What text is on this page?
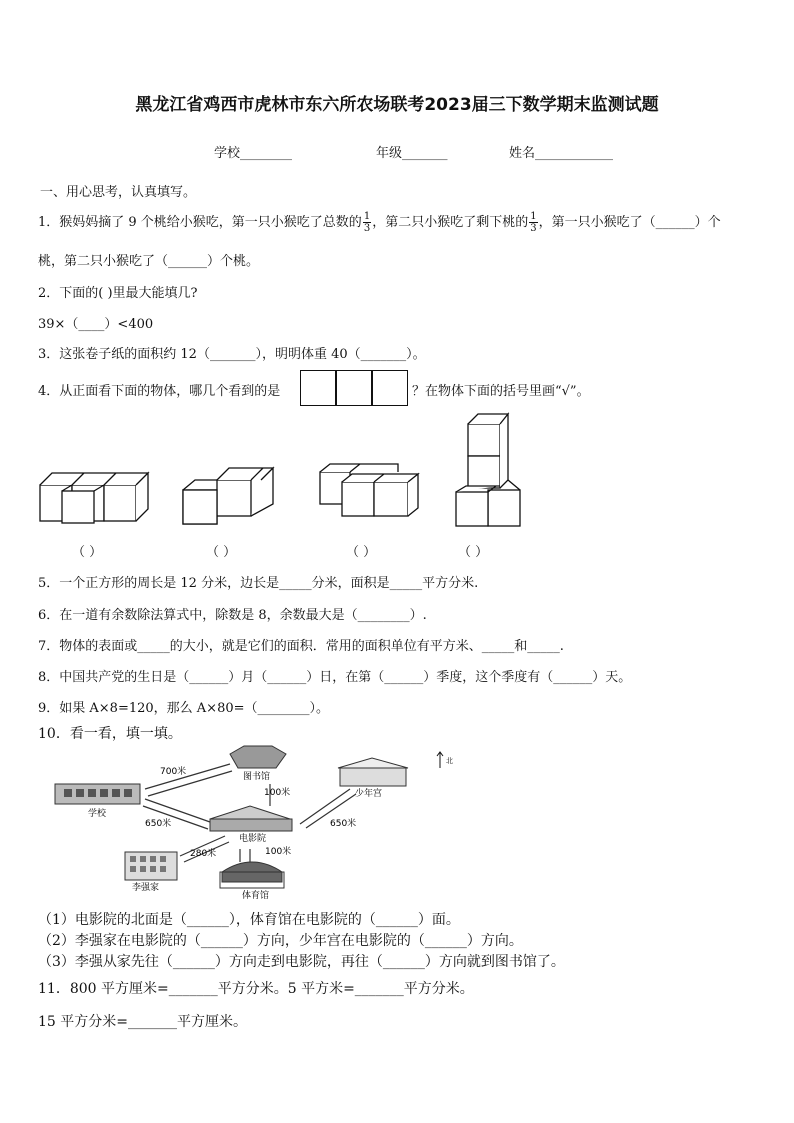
黑龙江省鸡西市虎林市东六所农场联考2023届三下数学期末监测试题
学校________	年级_______	姓名____________
一、用心思考，认真填写。
1．猴妈妈摘了 9 个桃给小猴吃，第一只小猴吃了总数的 $\frac{1}{3}$ ，第二只小猴吃了剩下桃的 $\frac{1}{3}$ ，第一只小猴吃了（______）个
桃，第二只小猴吃了（______）个桃。
2．下面的( )里最大能填几?
39×（____）<400
3．这张卷子纸的面积约 12（_______），明明体重 40（_______）。
4．从正面看下面的物体，哪几个看到的是	？在物体下面的括号里画“√”。
（ ）	（ ）	（ ）	（ ）
5．一个正方形的周长是 12 分米，边长是_____分米，面积是_____平方分米.
6．在一道有余数除法算式中，除数是 8，余数最大是（________）.
7．物体的表面或_____的大小，就是它们的面积．常用的面积单位有平方米、_____和_____.
8．中国共产党的生日是（______）月（______）日，在第（______）季度，这个季度有（______）天。
9．如果 A×8=120，那么 A×80=（________）。
10．看一看，填一填。
图书馆
学校
电影院
少年宫
李强家
体育馆
700米
100米
650米	650米
280米	100米
北
（1）电影院的北面是（______），体育馆在电影院的（______）面。
（2）李强家在电影院的（______）方向，少年宫在电影院的（______）方向。
（3）李强从家先往（______）方向走到电影院，再往（______）方向就到图书馆了。
11．800 平方厘米=_______平方分米。5 平方米=_______平方分米。
15 平方分米=_______平方厘米。
